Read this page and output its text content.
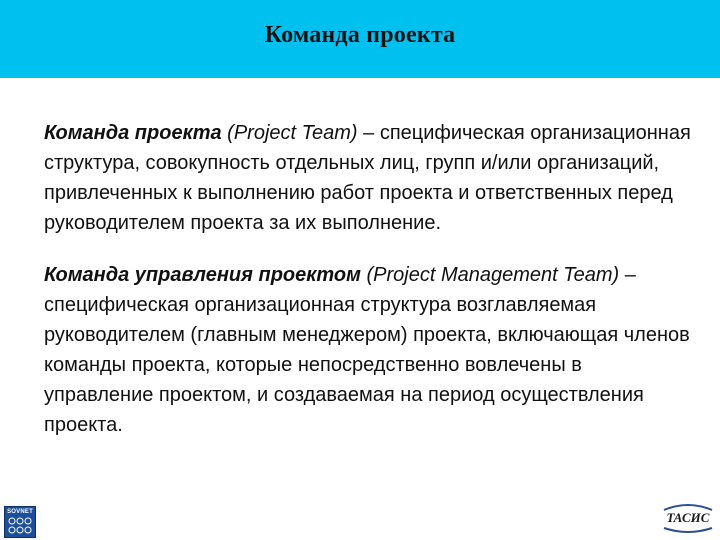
Команда проекта

Команда проекта (Project Team) – специфическая организационная структура, совокупность отдельных лиц, групп и/или организаций, привлеченных к выполнению работ проекта и ответственных перед руководителем проекта за их выполнение.

Команда управления проектом (Project Management Team) – специфическая организационная структура возглавляемая руководителем (главным менеджером) проекта, включающая членов команды проекта, которые непосредственно вовлечены в управление проектом, и создаваемая на период осуществления проекта.

SOVNET	ТАСИС
